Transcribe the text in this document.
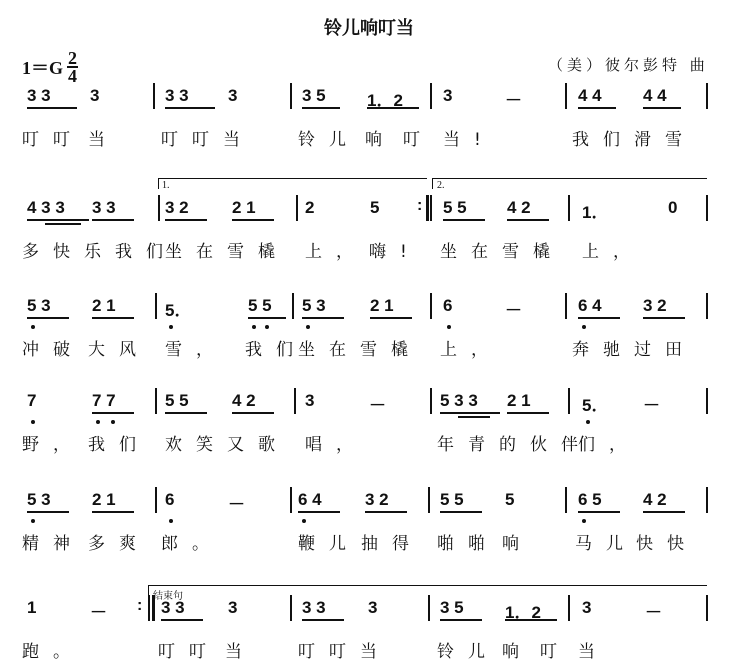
铃儿响叮当
$1=G \frac{2}{4}$	（美）彼尔彭特 曲
3 3 3	3 3 3	3 5 1．2 3	－	4 4 4 4
叮叮 当 叮叮当	铃儿 响 叮 当!	我们 滑雪
4 3 3 3 3	3 2	2 1	2	5	5 5 4 2	1．	0
多快乐我们
坐在雪橇 上， 嗨! 坐在雪橇 上，
5 3 2 1	5．	5 5 5 3	2 1	6	－	6 4 3 2
冲破 大风 雪， 我们
坐在雪橇 上，	奔驰过田
7	7 7	5 5	4 2	3	－	5 3 3 2 1	5． －
野， 我们 欢笑又歌 唱，	年青的伙伴
们，
5 3 2 1	6	－	6 4	3 2	5 5 5	6 5 4 2
精神 多爽 郎。	鞭儿 抽得 啪啪 响 马儿 快快
1	－	3 3	3	3 3 3	3 5 1．2 3	－
跑。	叮叮 当 叮叮当	铃儿 响 叮 当
1.	2.
:
:
结束句
